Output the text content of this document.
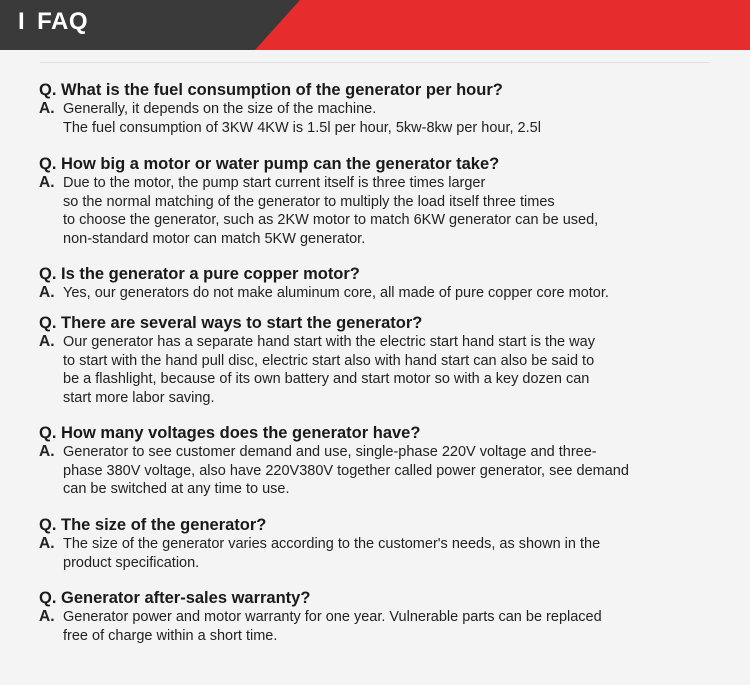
I FAQ
Q. What is the fuel consumption of the generator per hour?
A. Generally, it depends on the size of the machine.
The fuel consumption of 3KW 4KW is 1.5l per hour, 5kw-8kw per hour, 2.5l
Q. How big a motor or water pump can the generator take?
A. Due to the motor, the pump start current itself is three times larger
so the normal matching of the generator to multiply the load itself three times
to choose the generator, such as 2KW motor to match 6KW generator can be used,
non-standard motor can match 5KW generator.
Q. Is the generator a pure copper motor?
A. Yes, our generators do not make aluminum core, all made of pure copper core motor.
Q. There are several ways to start the generator?
A. Our generator has a separate hand start with the electric start hand start is the way
to start with the hand pull disc, electric start also with hand start can also be said to
be a flashlight, because of its own battery and start motor so with a key dozen can
start more labor saving.
Q. How many voltages does the generator have?
A. Generator to see customer demand and use, single-phase 220V voltage and three-
phase 380V voltage, also have 220V380V together called power generator, see demand
can be switched at any time to use.
Q. The size of the generator?
A. The size of the generator varies according to the customer's needs, as shown in the
product specification.
Q. Generator after-sales warranty?
A. Generator power and motor warranty for one year. Vulnerable parts can be replaced
free of charge within a short time.
